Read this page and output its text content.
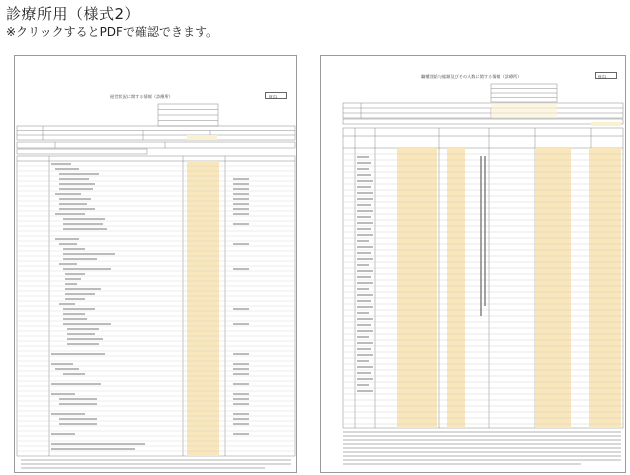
診療所用（様式2）

※クリックするとPDFで確認できます。

経営状況に関する情報（診療所）	様式2
職種別給与総額及びその人数に関する情報（診療所）	様式2
